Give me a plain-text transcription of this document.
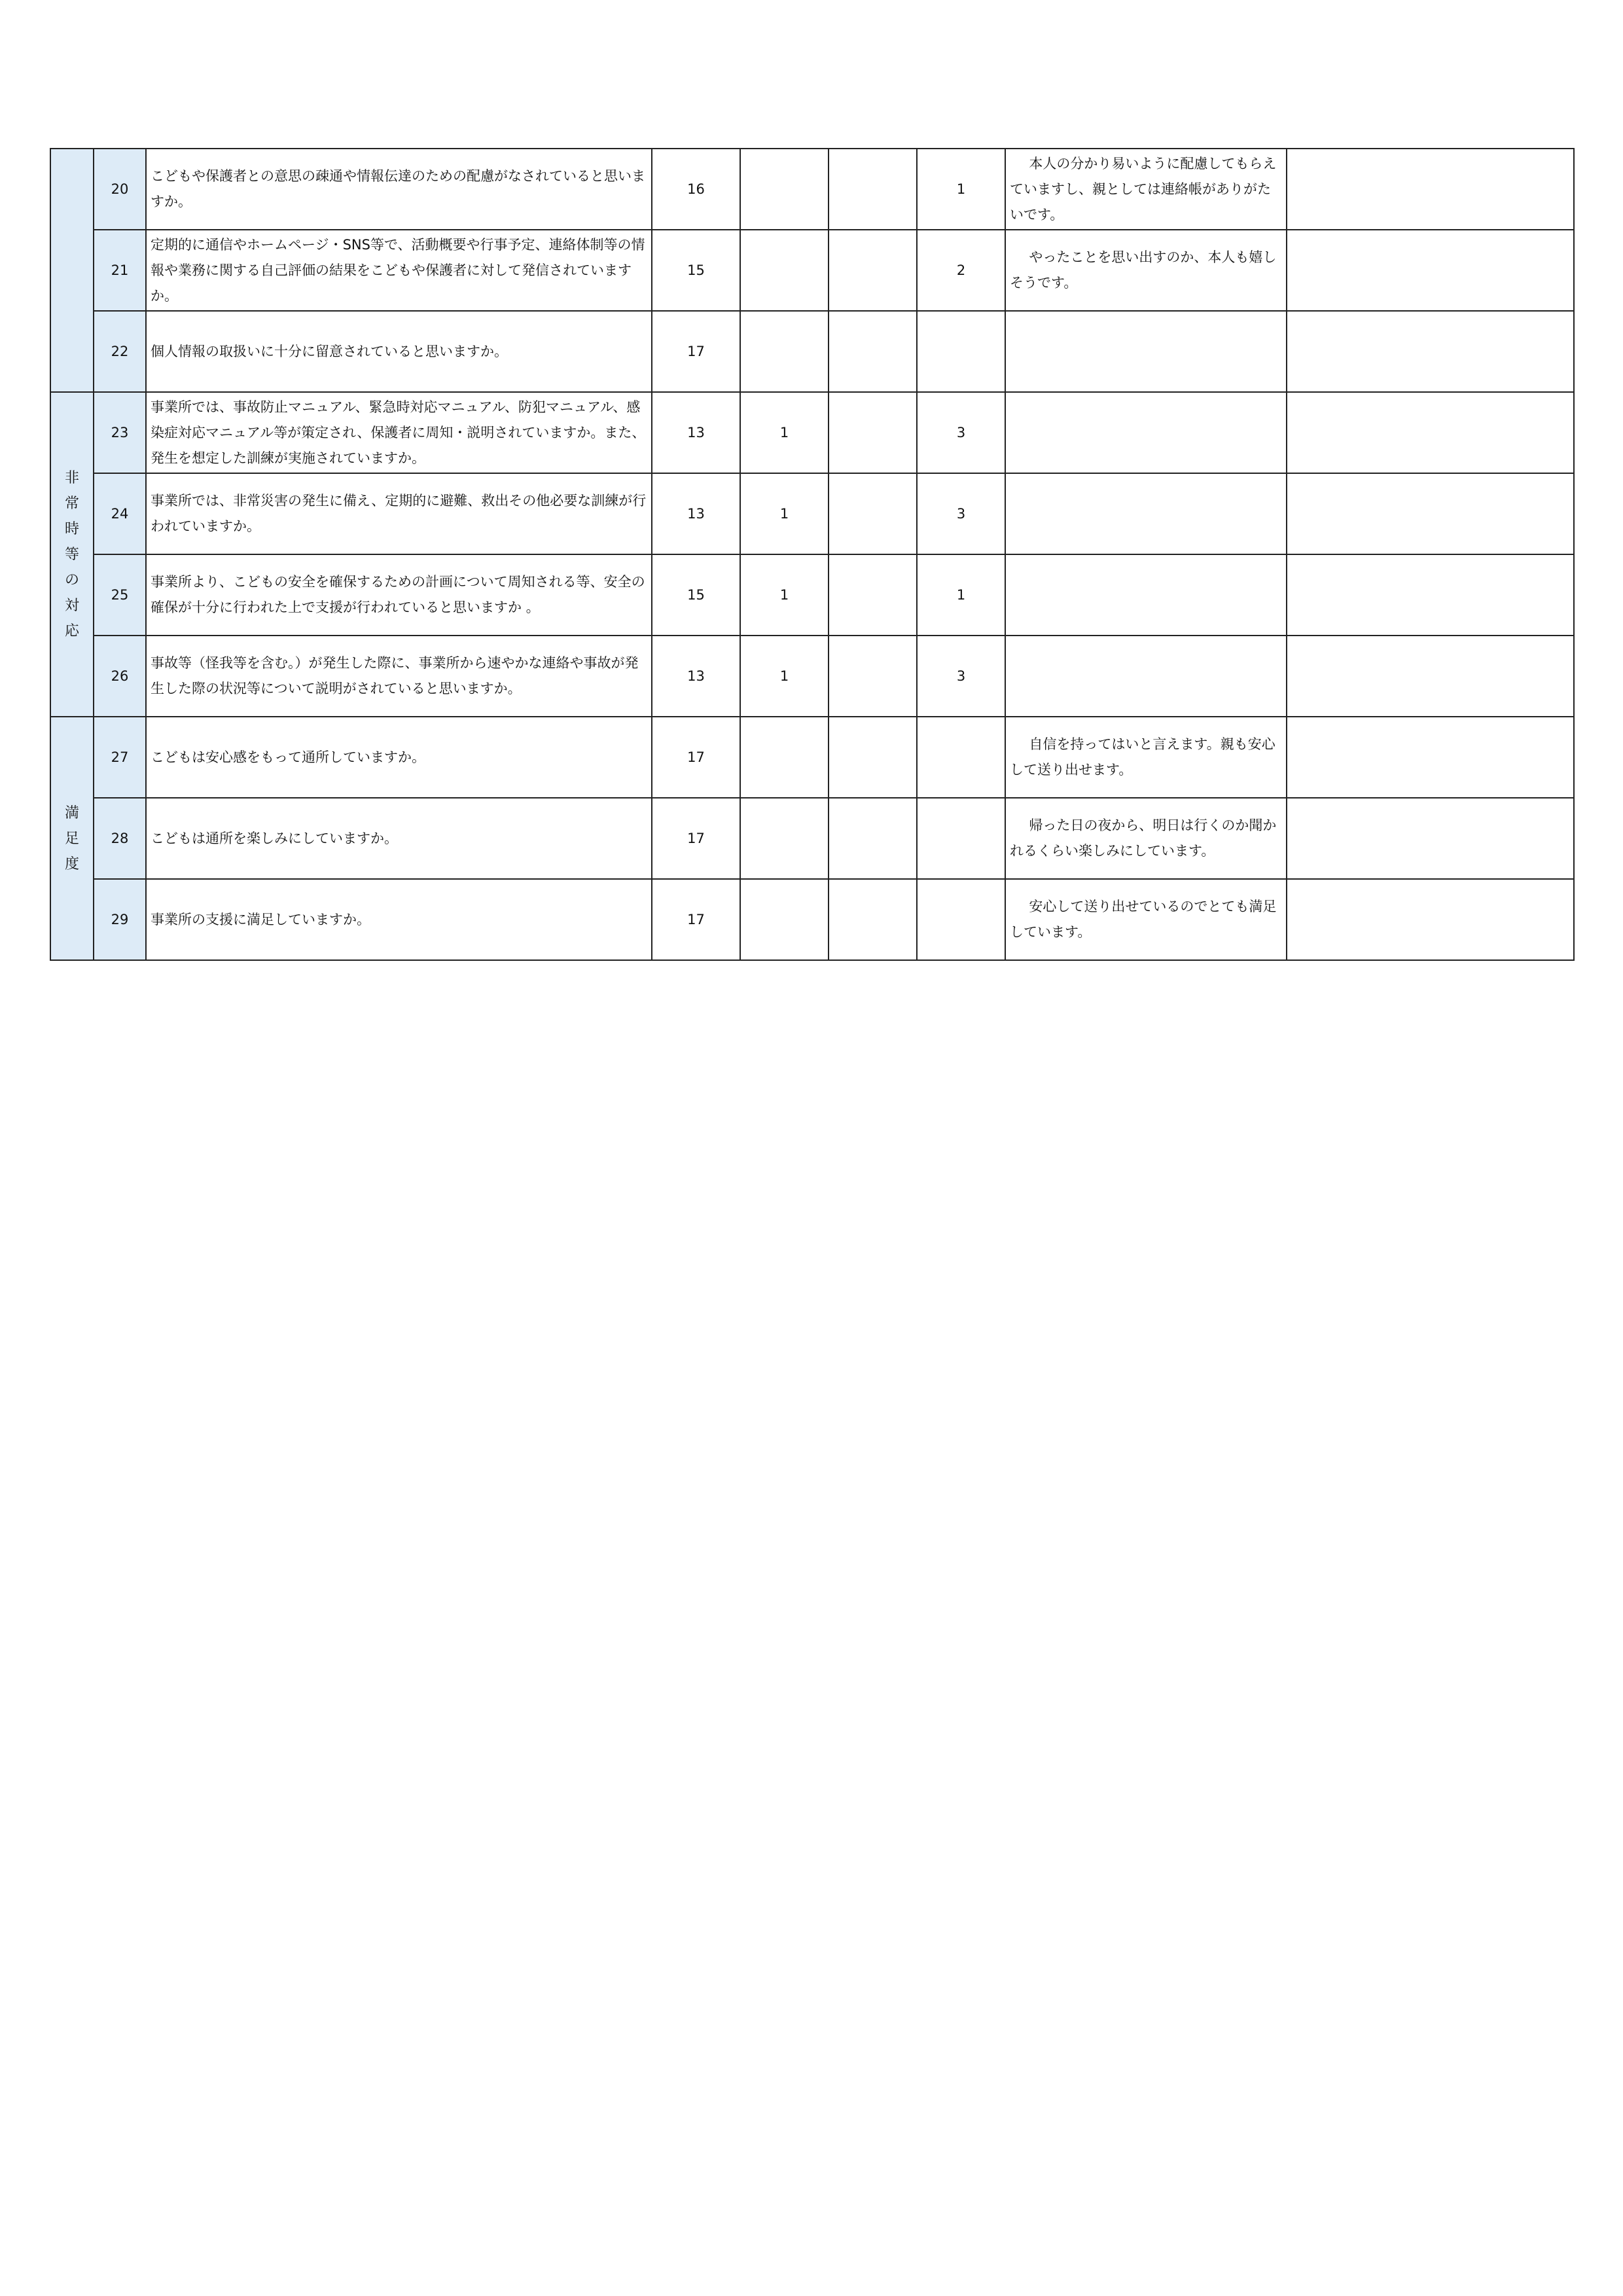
	20	こどもや保護者との意思の疎通や情報伝達のための配慮がなされていると思いますか。	16			1	本人の分かり易いように配慮してもらえていますし、親としては連絡帳がありがたいです。	

	21	定期的に通信やホームページ・SNS等で、活動概要や行事予定、連絡体制等の情報や業務に関する自己評価の結果をこどもや保護者に対して発信されていますか。	15			2	やったことを思い出すのか、本人も嬉しそうです。	

	22	個人情報の取扱いに十分に留意されていると思いますか。	17				

非常時等の対応	23	事業所では、事故防止マニュアル、緊急時対応マニュアル、防犯マニュアル、感染症対応マニュアル等が策定され、保護者に周知・説明されていますか。また、発生を想定した訓練が実施されていますか。	13	1		3	

	24	事業所では、非常災害の発生に備え、定期的に避難、救出その他必要な訓練が行われていますか。	13	1		3	

	25	事業所より、こどもの安全を確保するための計画について周知される等、安全の確保が十分に行われた上で支援が行われていると思いますか 。	15	1		1	

	26	事故等（怪我等を含む。）が発生した際に、事業所から速やかな連絡や事故が発生した際の状況等について説明がされていると思いますか。	13	1		3	

満足度	27	こどもは安心感をもって通所していますか。	17				自信を持ってはいと言えます。親も安心して送り出せます。	

	28	こどもは通所を楽しみにしていますか。	17				帰った日の夜から、明日は行くのか聞かれるくらい楽しみにしています。	

	29	事業所の支援に満足していますか。	17				安心して送り出せているのでとても満足しています。	
